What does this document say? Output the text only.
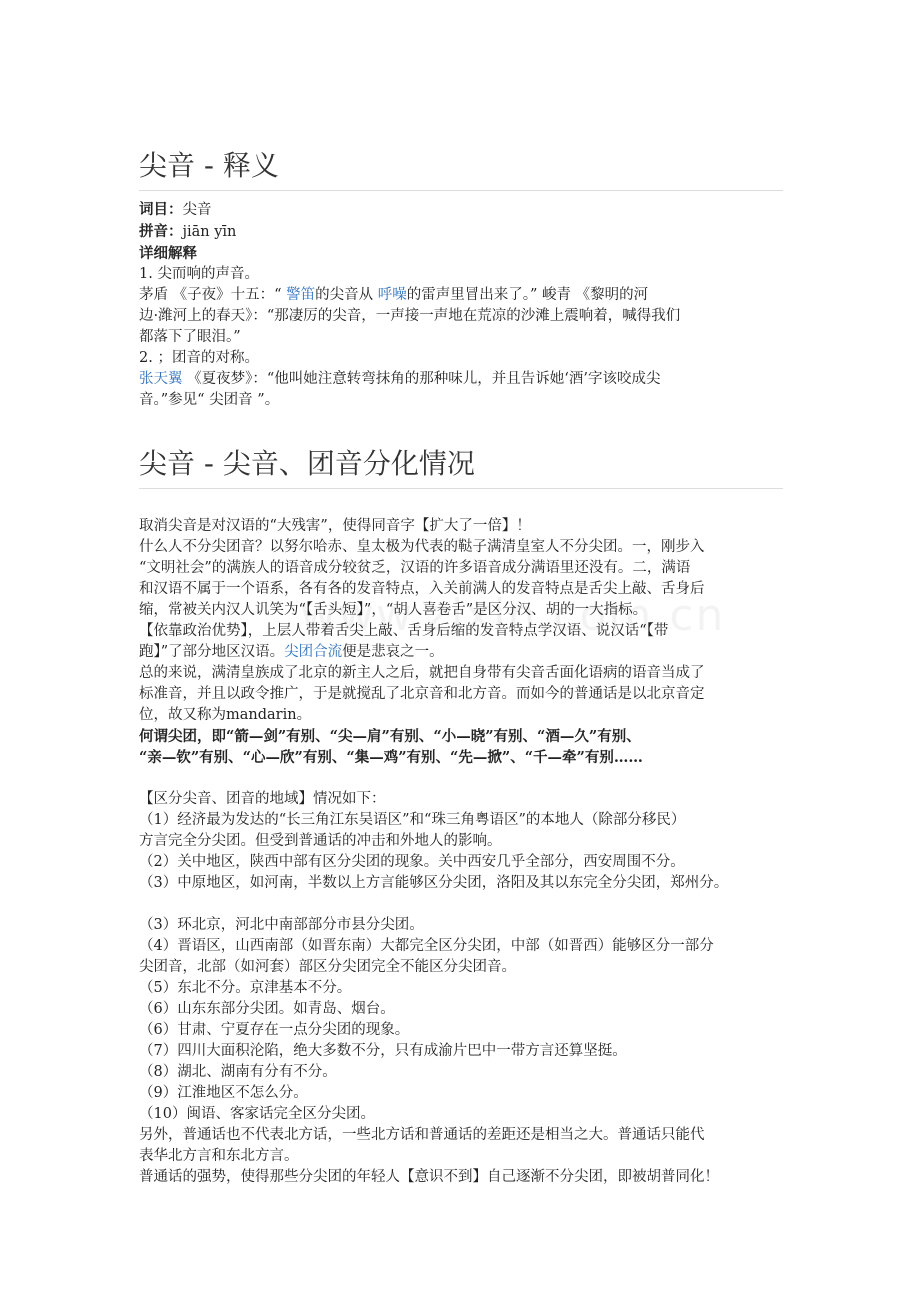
尖音 - 释义
词目：尖音
拼音：jiān yīn
详细解释
1. 尖而响的声音。
茅盾 《子夜》十五：“ 警笛的尖音从 呼噪的雷声里冒出来了。” 峻青 《黎明的河
边·潍河上的春天》：“那凄厉的尖音，一声接一声地在荒凉的沙滩上震响着，喊得我们
都落下了眼泪。”
2. ；团音的对称。
张天翼 《夏夜梦》：“他叫她注意转弯抹角的那种味儿，并且告诉她‘酒’字该咬成尖
音。”参见“ 尖团音 ”。
尖音 - 尖音、团音分化情况
取消尖音是对汉语的“大残害”，使得同音字【扩大了一倍】！
什么人不分尖团音？以努尔哈赤、皇太极为代表的鞑子满清皇室人不分尖团。一，刚步入
“文明社会”的满族人的语音成分较贫乏，汉语的许多语音成分满语里还没有。二，满语
和汉语不属于一个语系，各有各的发音特点，入关前满人的发音特点是舌尖上敲、舌身后
缩，常被关内汉人讥笑为“【舌头短】”，“胡人喜卷舌”是区分汉、胡的一大指标。
【依靠政治优势】，上层人带着舌尖上敲、舌身后缩的发音特点学汉语、说汉话“【带
跑】”了部分地区汉语。尖团合流便是悲哀之一。
总的来说，满清皇族成了北京的新主人之后，就把自身带有尖音舌面化语病的语音当成了
标准音，并且以政令推广，于是就搅乱了北京音和北方音。而如今的普通话是以北京音定
位，故又称为mandarin。
何谓尖团，即“箭—剑”有别、“尖—肩”有别、“小—晓”有别、“酒—久”有别、
“亲—钦”有别、“心—欣”有别、“集—鸡”有别、“先—掀”、“千—牵”有别……
【区分尖音、团音的地域】情况如下：
（1）经济最为发达的“长三角江东吴语区”和“珠三角粤语区”的本地人（除部分移民）
方言完全分尖团。但受到普通话的冲击和外地人的影响。
（2）关中地区，陕西中部有区分尖团的现象。关中西安几乎全部分，西安周围不分。
（3）中原地区，如河南，半数以上方言能够区分尖团，洛阳及其以东完全分尖团，郑州分。
（3）环北京，河北中南部部分市县分尖团。
（4）晋语区，山西南部（如晋东南）大都完全区分尖团，中部（如晋西）能够区分一部分
尖团音，北部（如河套）部区分尖团完全不能区分尖团音。
（5）东北不分。京津基本不分。
（6）山东东部分尖团。如青岛、烟台。
（6）甘肃、宁夏存在一点分尖团的现象。
（7）四川大面积沦陷，绝大多数不分，只有成渝片巴中一带方言还算坚挺。
（8）湖北、湖南有分有不分。
（9）江淮地区不怎么分。
（10）闽语、客家话完全区分尖团。
另外，普通话也不代表北方话，一些北方话和普通话的差距还是相当之大。普通话只能代
表华北方言和东北方言。
普通话的强势，使得那些分尖团的年轻人【意识不到】自己逐渐不分尖团，即被胡普同化！
